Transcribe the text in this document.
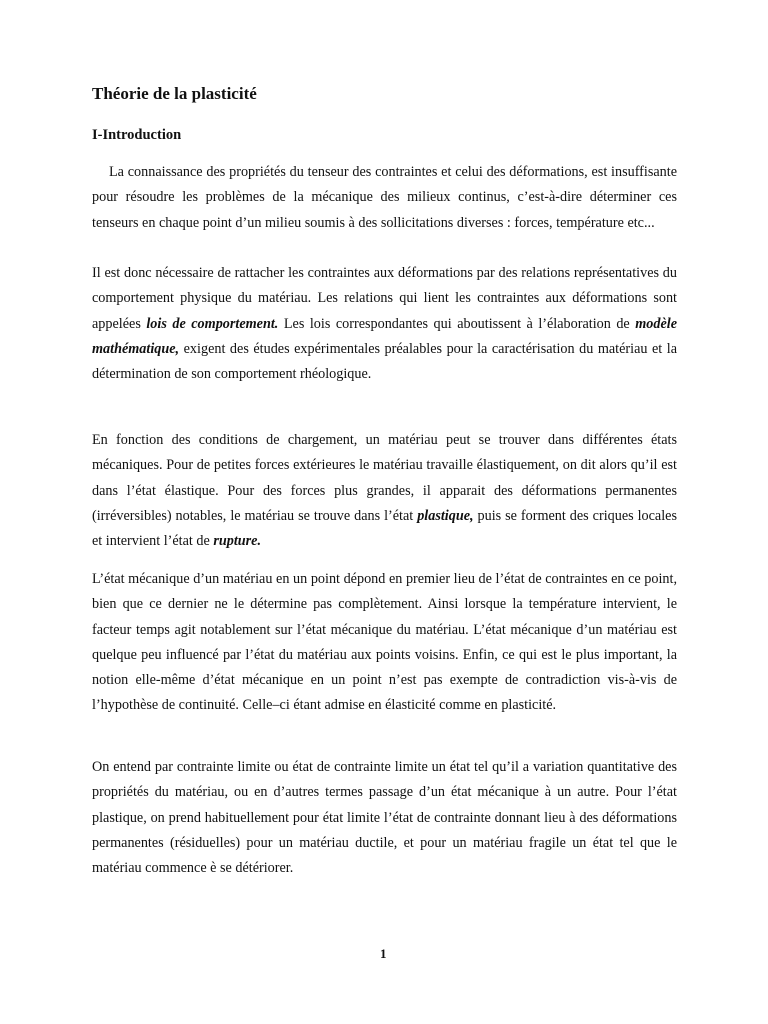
Théorie de la plasticité
I-Introduction

La connaissance des propriétés du tenseur des contraintes et celui des déformations, est insuffisante pour résoudre les problèmes de la mécanique des milieux continus, c’est-à-dire déterminer ces tenseurs en chaque point d’un milieu soumis à des sollicitations diverses : forces, température etc...

Il est donc nécessaire de rattacher les contraintes aux déformations par des relations représentatives du comportement physique du matériau. Les relations qui lient les contraintes aux déformations sont appelées lois de comportement. Les lois correspondantes qui aboutissent à l’élaboration de modèle mathématique, exigent des études expérimentales préalables pour la caractérisation du matériau et la détermination de son comportement rhéologique.

En fonction des conditions de chargement, un matériau peut se trouver dans différentes états mécaniques. Pour de petites forces extérieures le matériau travaille élastiquement, on dit alors qu’il est dans l’état élastique. Pour des forces plus grandes, il apparait des déformations permanentes (irréversibles) notables, le matériau se trouve dans l’état plastique, puis se forment des criques locales et intervient l’état de rupture.

L’état mécanique d’un matériau en un point dépond en premier lieu de l’état de contraintes en ce point, bien que ce dernier ne le détermine pas complètement. Ainsi lorsque la température intervient, le facteur temps agit notablement sur l’état mécanique du matériau. L’état mécanique d’un matériau est quelque peu influencé par l’état du matériau aux points voisins. Enfin, ce qui est le plus important, la notion elle-même d’état mécanique en un point n’est pas exempte de contradiction vis-à-vis de l’hypothèse de continuité. Celle–ci étant admise en élasticité comme en plasticité.

On entend par contrainte limite ou état de contrainte limite un état tel qu’il a variation quantitative des propriétés du matériau, ou en d’autres termes passage d’un état mécanique à un autre. Pour l’état plastique, on prend habituellement pour état limite l’état de contrainte donnant lieu à des déformations permanentes (résiduelles) pour un matériau ductile, et pour un matériau fragile un état tel que le matériau commence è se détériorer.

1
